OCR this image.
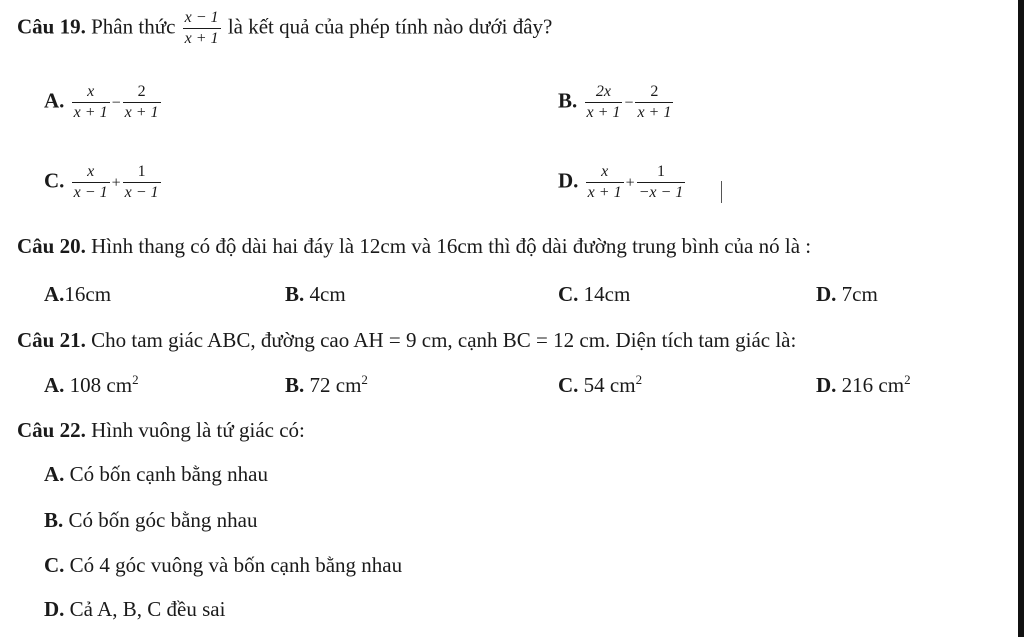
Câu 19. Phân thức $\frac{x - 1}{x + 1}$ là kết quả của phép tính nào dưới đây?
A. $\frac{x}{x + 1} - \frac{2}{x + 1}$	B. $\frac{2x}{x + 1} - \frac{2}{x + 1}$
C. $\frac{x}{x - 1} + \frac{1}{x - 1}$	D. $\frac{x}{x + 1} + \frac{1}{-x - 1}$
Câu 20. Hình thang có độ dài hai đáy là 12cm và 16cm thì độ dài đường trung bình của nó là :
A.16cm	B. 4cm	C. 14cm	D. 7cm
Câu 21. Cho tam giác ABC, đường cao AH = 9 cm, cạnh BC = 12 cm. Diện tích tam giác là:
A. 108 $cm^2$	B. 72 $cm^2$	C. 54 $cm^2$	D. 216 $cm^2$
Câu 22. Hình vuông là tứ giác có:
A. Có bốn cạnh bằng nhau
B. Có bốn góc bằng nhau
C. Có 4 góc vuông và bốn cạnh bằng nhau
D. Cả A, B, C đều sai
